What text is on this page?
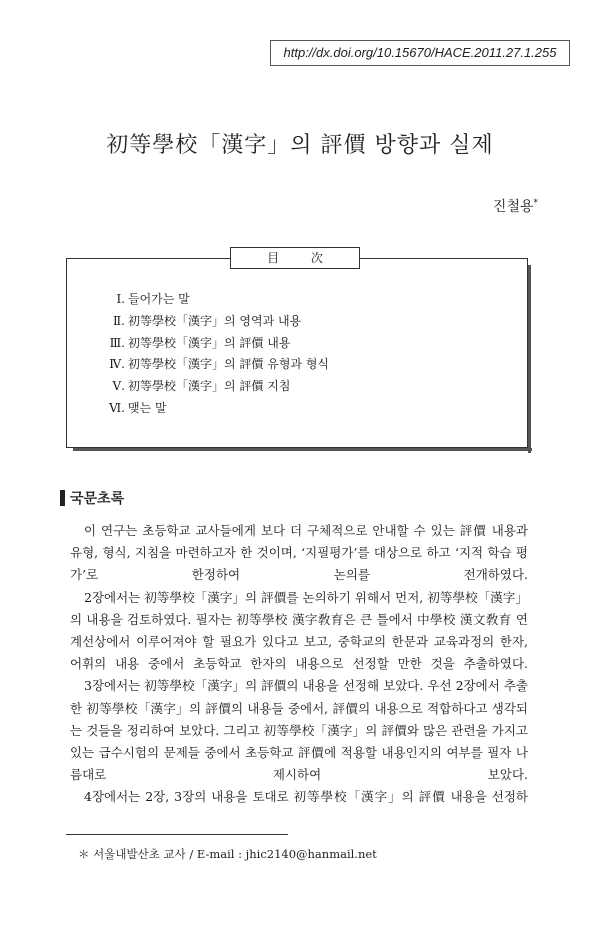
http://dx.doi.org/10.15670/HACE.2011.27.1.255
初等學校「漢字」의 評價 방향과 실제
진철용*
目 次
Ⅰ. 들어가는 말
Ⅱ. 初等學校「漢字」의 영역과 내용
Ⅲ. 初等學校「漢字」의 評價 내용
Ⅳ. 初等學校「漢字」의 評價 유형과 형식
Ⅴ. 初等學校「漢字」의 評價 지침
Ⅵ. 맺는 말
국문초록

이 연구는 초등학교 교사들에게 보다 더 구체적으로 안내할 수 있는 評價 내용과 유형, 형식, 지침을 마련하고자 한 것이며, ‘지필평가’를 대상으로 하고 ‘지적 학습 평가’로 한정하여 논의를 전개하였다.

2장에서는 初等學校「漢字」의 評價를 논의하기 위해서 먼저, 初等學校「漢字」의 내용을 검토하였다. 필자는 初等學校 漢字敎育은 큰 틀에서 中學校 漢文敎育 연계선상에서 이루어져야 할 필요가 있다고 보고, 중학교의 한문과 교육과정의 한자, 어휘의 내용 중에서 초등학교 한자의 내용으로 선정할 만한 것을 추출하였다.

3장에서는 初等學校「漢字」의 評價의 내용을 선정해 보았다. 우선 2장에서 추출한 初等學校「漢字」의 評價의 내용들 중에서, 評價의 내용으로 적합하다고 생각되는 것들을 정리하여 보았다. 그리고 初等學校「漢字」의 評價와 많은 관련을 가지고 있는 급수시험의 문제들 중에서 초등학교 評價에 적용할 내용인지의 여부를 필자 나름대로 제시하여 보았다.

4장에서는 2장, 3장의 내용을 토대로 初等學校「漢字」의 評價 내용을 선정하

＊ 서울내발산초 교사 / E-mail : jhic2140@hanmail.net
